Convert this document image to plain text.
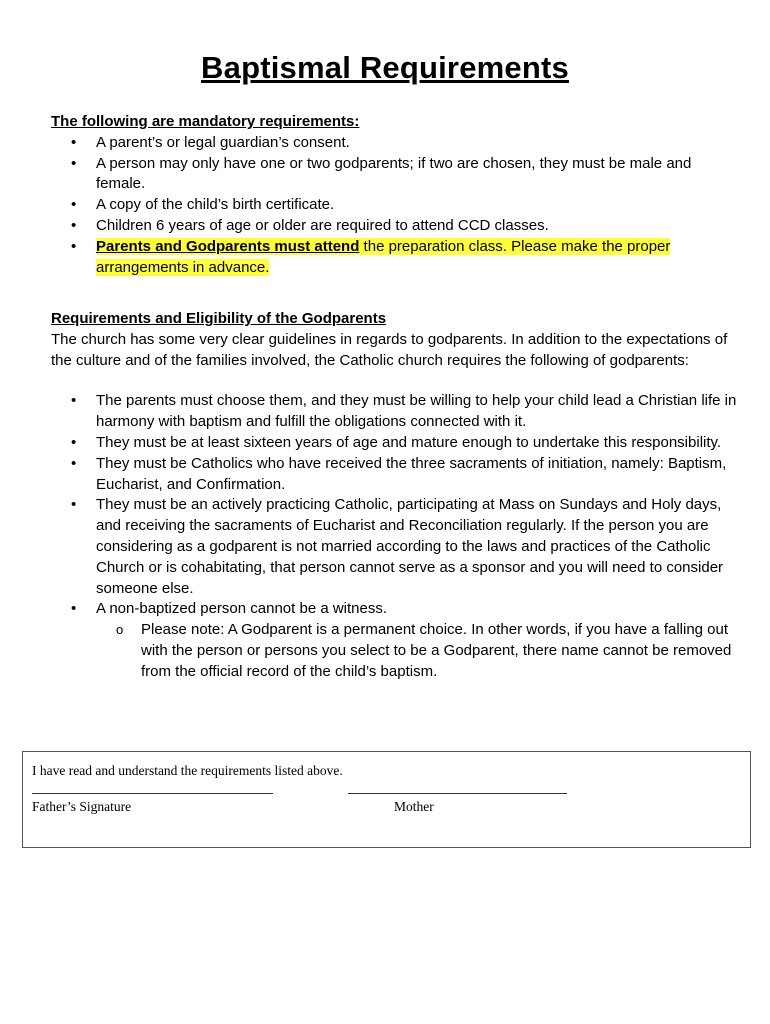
Baptismal Requirements
The following are mandatory requirements:
• A parent’s or legal guardian’s consent.
• A person may only have one or two godparents; if two are chosen, they must be male and female.
• A copy of the child’s birth certificate.
• Children 6 years of age or older are required to attend CCD classes.
• Parents and Godparents must attend the preparation class. Please make the proper arrangements in advance.
Requirements and Eligibility of the Godparents
The church has some very clear guidelines in regards to godparents. In addition to the expectations of the culture and of the families involved, the Catholic church requires the following of godparents:
• The parents must choose them, and they must be willing to help your child lead a Christian life in harmony with baptism and fulfill the obligations connected with it.
• They must be at least sixteen years of age and mature enough to undertake this responsibility.
• They must be Catholics who have received the three sacraments of initiation, namely: Baptism, Eucharist, and Confirmation.
• They must be an actively practicing Catholic, participating at Mass on Sundays and Holy days, and receiving the sacraments of Eucharist and Reconciliation regularly. If the person you are considering as a godparent is not married according to the laws and practices of the Catholic Church or is cohabitating, that person cannot serve as a sponsor and you will need to consider someone else.
• A non-baptized person cannot be a witness.
o Please note: A Godparent is a permanent choice. In other words, if you have a falling out with the person or persons you select to be a Godparent, there name cannot be removed from the official record of the child’s baptism.
I have read and understand the requirements listed above.
Father’s Signature	Mother
